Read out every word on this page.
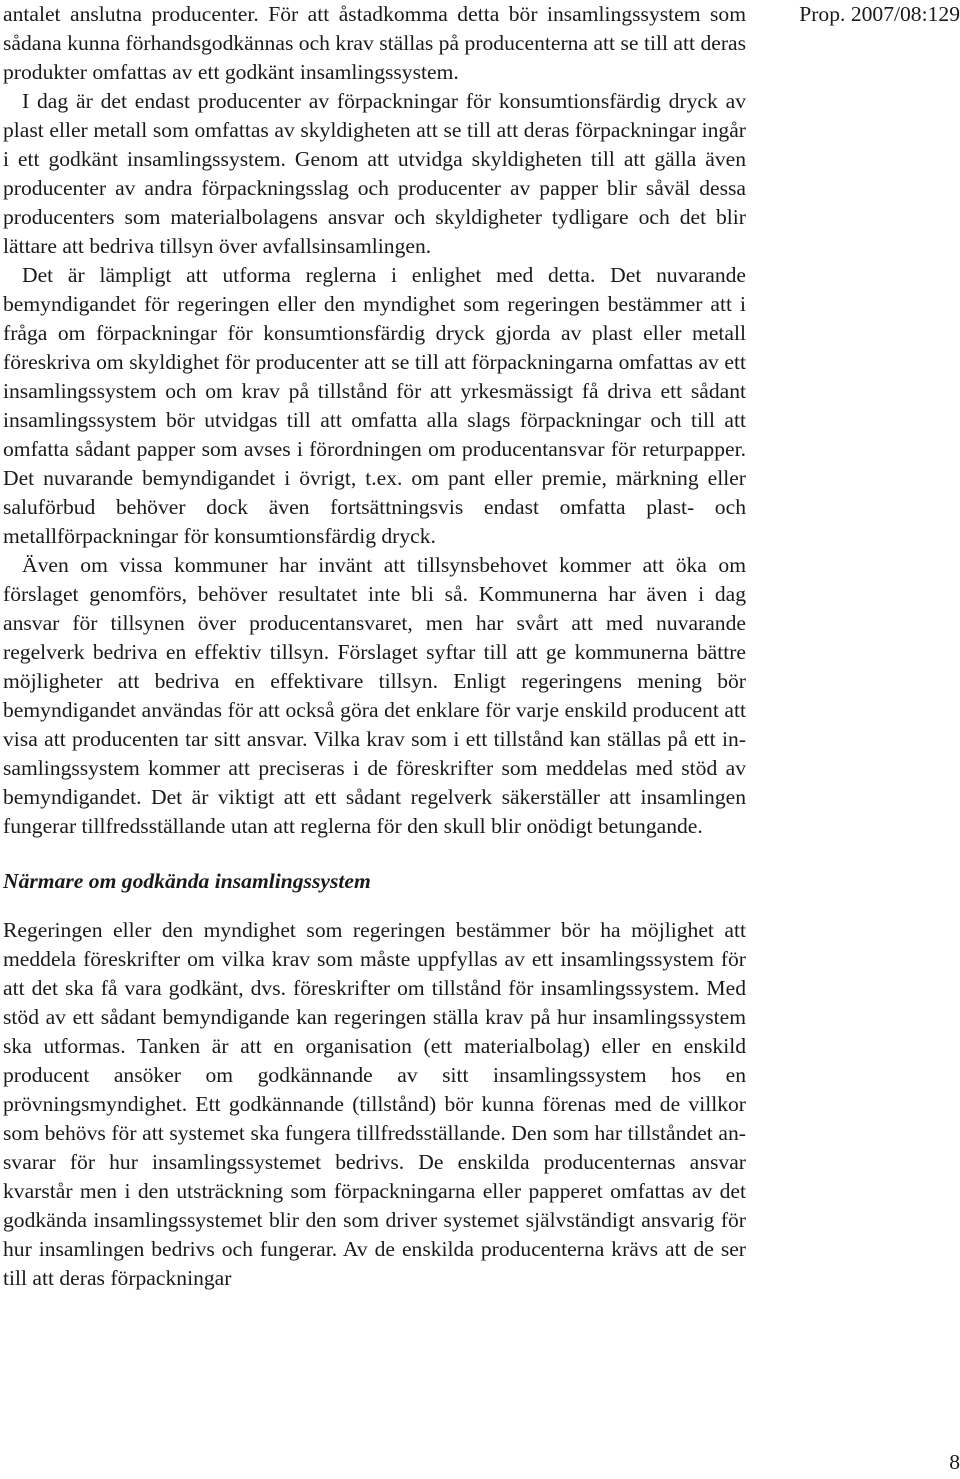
Prop. 2007/08:129

antalet anslutna producenter. För att åstadkomma detta bör insamlingssystem som sådana kunna förhandsgodkännas och krav ställas på producenterna att se till att deras produkter omfattas av ett godkänt insamlingssystem.

I dag är det endast producenter av förpackningar för konsumtionsfärdig dryck av plast eller metall som omfattas av skyldigheten att se till att deras förpackningar ingår i ett godkänt insamlingssystem. Genom att utvidga skyldigheten till att gälla även producenter av andra förpackningsslag och producenter av papper blir såväl dessa producenters som materialbolagens ansvar och skyldigheter tydligare och det blir lättare att bedriva tillsyn över avfallsinsamlingen.

Det är lämpligt att utforma reglerna i enlighet med detta. Det nuvarande bemyndigandet för regeringen eller den myndighet som regeringen bestämmer att i fråga om förpackningar för konsumtionsfärdig dryck gjorda av plast eller metall föreskriva om skyldighet för producenter att se till att förpackningarna omfattas av ett insamlingssystem och om krav på tillstånd för att yrkesmässigt få driva ett sådant insamlingssystem bör utvidgas till att omfatta alla slags förpackningar och till att omfatta sådant papper som avses i förordningen om producentansvar för returpapper. Det nuvarande bemyndigandet i övrigt, t.ex. om pant eller premie, märkning eller saluförbud behöver dock även fortsättningsvis endast omfatta plast- och metallförpackningar för konsumtionsfärdig dryck.

Även om vissa kommuner har invänt att tillsynsbehovet kommer att öka om förslaget genomförs, behöver resultatet inte bli så. Kommunerna har även i dag ansvar för tillsynen över producentansvaret, men har svårt att med nuvarande regelverk bedriva en effektiv tillsyn. Förslaget syftar till att ge kommunerna bättre möjligheter att bedriva en effektivare tillsyn. Enligt regeringens mening bör bemyndigandet användas för att också göra det enklare för varje enskild producent att visa att producenten tar sitt ansvar. Vilka krav som i ett tillstånd kan ställas på ett insamlingssystem kommer att preciseras i de föreskrifter som meddelas med stöd av bemyndigandet. Det är viktigt att ett sådant regelverk säkerställer att insamlingen fungerar tillfredsställande utan att reglerna för den skull blir onödigt betungande.

Närmare om godkända insamlingssystem

Regeringen eller den myndighet som regeringen bestämmer bör ha möjlighet att meddela föreskrifter om vilka krav som måste uppfyllas av ett insamlingssystem för att det ska få vara godkänt, dvs. föreskrifter om tillstånd för insamlingssystem. Med stöd av ett sådant bemyndigande kan regeringen ställa krav på hur insamlingssystem ska utformas. Tanken är att en organisation (ett materialbolag) eller en enskild producent ansöker om godkännande av sitt insamlingssystem hos en prövningsmyndighet. Ett godkännande (tillstånd) bör kunna förenas med de villkor som behövs för att systemet ska fungera tillfredsställande. Den som har tillståndet ansvarar för hur insamlingssystemet bedrivs. De enskilda producenternas ansvar kvarstår men i den utsträckning som förpackningarna eller papperet omfattas av det godkända insamlingssystemet blir den som driver systemet självständigt ansvarig för hur insamlingen bedrivs och fungerar. Av de enskilda producenterna krävs att de ser till att deras förpackningar

8
